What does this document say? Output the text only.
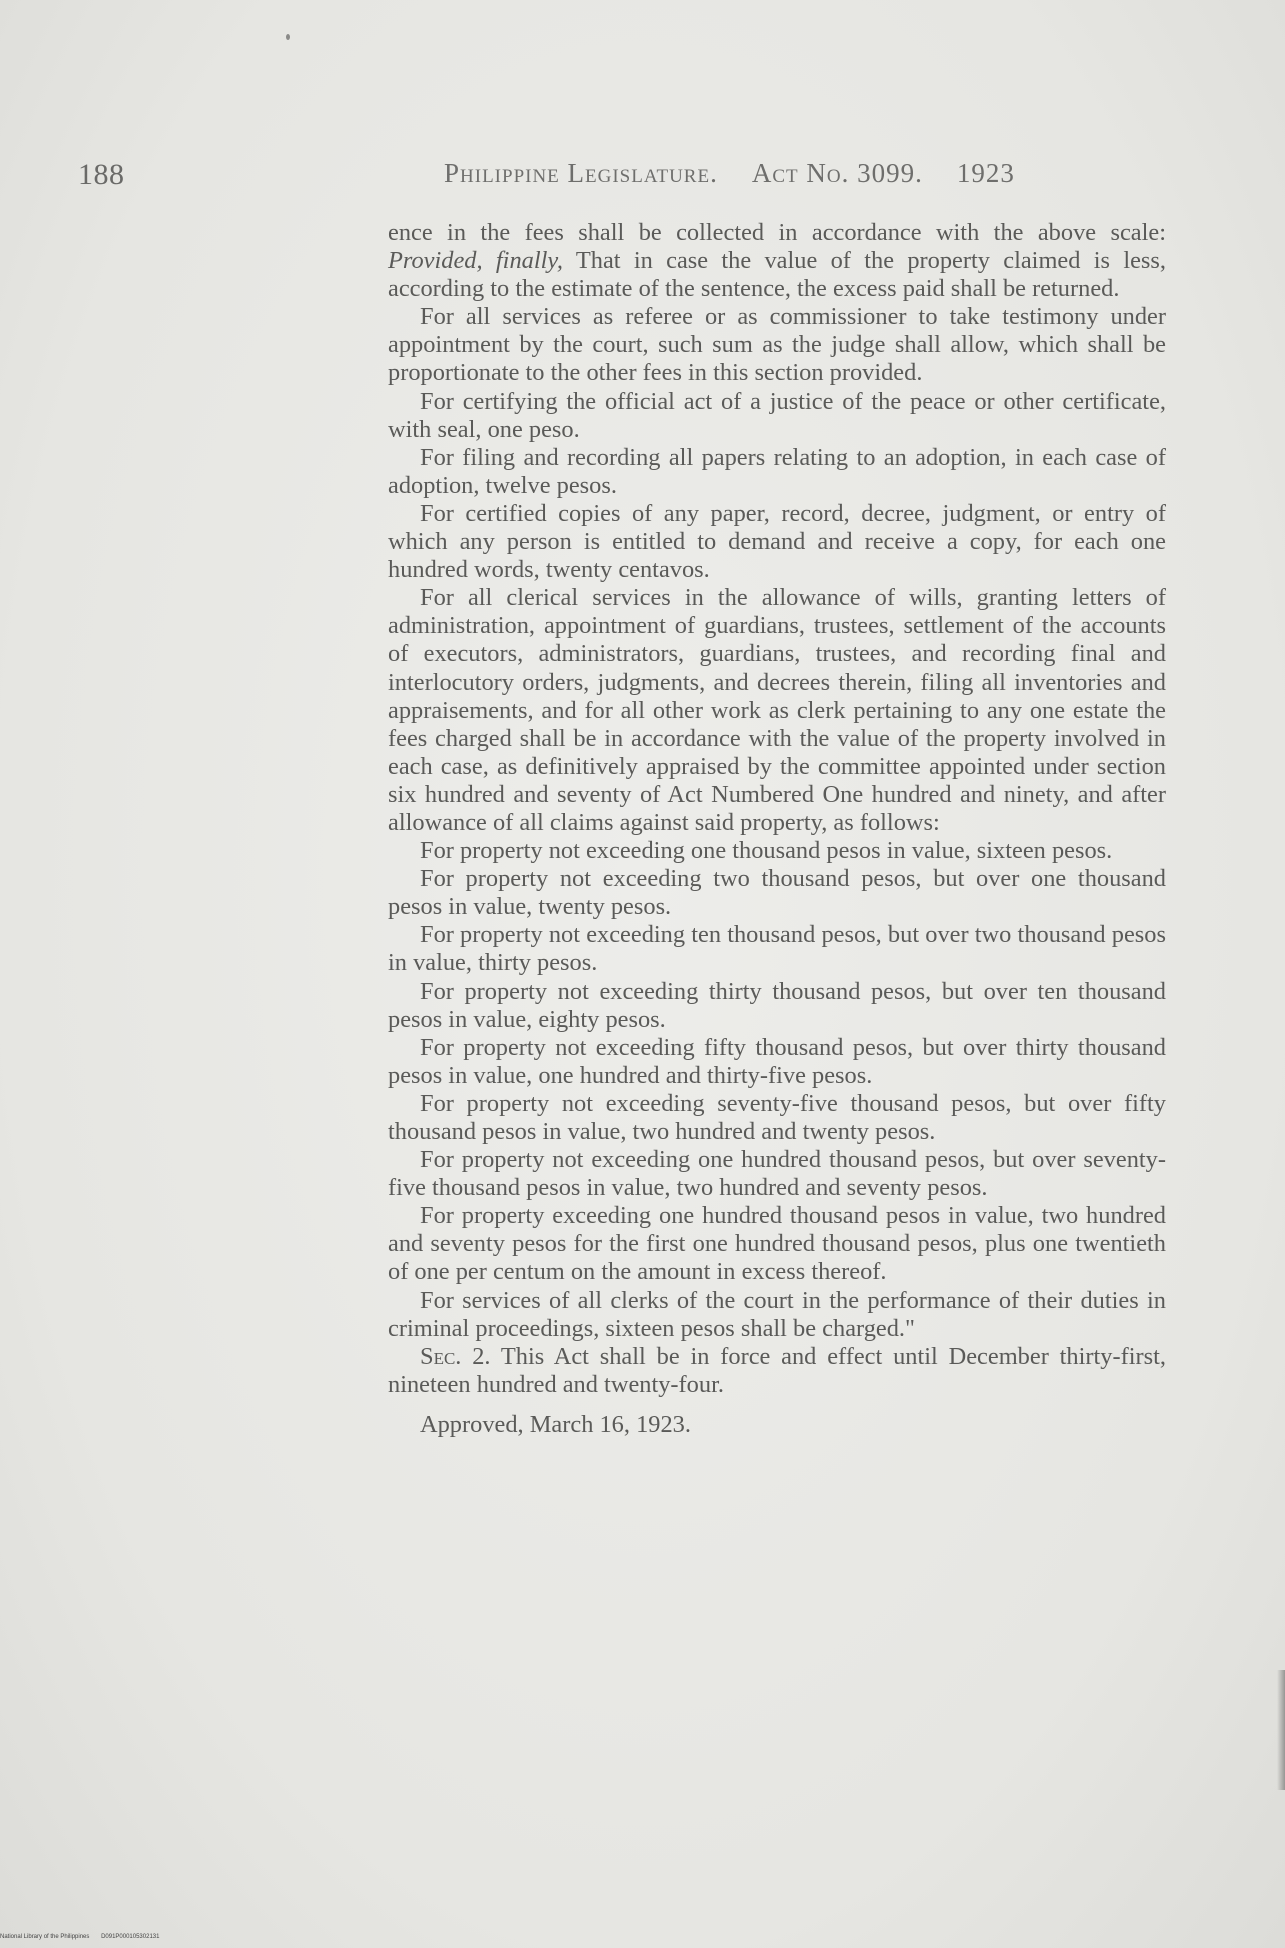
188	Philippine Legislature. Act No. 3099. 1923

ence in the fees shall be collected in accordance with the above scale: Provided, finally, That in case the value of the property claimed is less, according to the estimate of the sentence, the excess paid shall be returned.

For all services as referee or as commissioner to take testimony under appointment by the court, such sum as the judge shall allow, which shall be proportionate to the other fees in this section provided.

For certifying the official act of a justice of the peace or other certificate, with seal, one peso.

For filing and recording all papers relating to an adoption, in each case of adoption, twelve pesos.

For certified copies of any paper, record, decree, judgment, or entry of which any person is entitled to demand and receive a copy, for each one hundred words, twenty centavos.

For all clerical services in the allowance of wills, granting letters of administration, appointment of guardians, trustees, settlement of the accounts of executors, administrators, guardians, trustees, and recording final and interlocutory orders, judgments, and decrees therein, filing all inventories and appraisements, and for all other work as clerk pertaining to any one estate the fees charged shall be in accordance with the value of the property involved in each case, as definitively appraised by the committee appointed under section six hundred and seventy of Act Numbered One hundred and ninety, and after allowance of all claims against said property, as follows:

For property not exceeding one thousand pesos in value, sixteen pesos.

For property not exceeding two thousand pesos, but over one thousand pesos in value, twenty pesos.

For property not exceeding ten thousand pesos, but over two thousand pesos in value, thirty pesos.

For property not exceeding thirty thousand pesos, but over ten thousand pesos in value, eighty pesos.

For property not exceeding fifty thousand pesos, but over thirty thousand pesos in value, one hundred and thirty-five pesos.

For property not exceeding seventy-five thousand pesos, but over fifty thousand pesos in value, two hundred and twenty pesos.

For property not exceeding one hundred thousand pesos, but over seventy-five thousand pesos in value, two hundred and seventy pesos.

For property exceeding one hundred thousand pesos in value, two hundred and seventy pesos for the first one hundred thousand pesos, plus one twentieth of one per centum on the amount in excess thereof.

For services of all clerks of the court in the performance of their duties in criminal proceedings, sixteen pesos shall be charged."

Sec. 2. This Act shall be in force and effect until December thirty-first, nineteen hundred and twenty-four.

Approved, March 16, 1923.

National Library of the Philippines D091P000105302131
